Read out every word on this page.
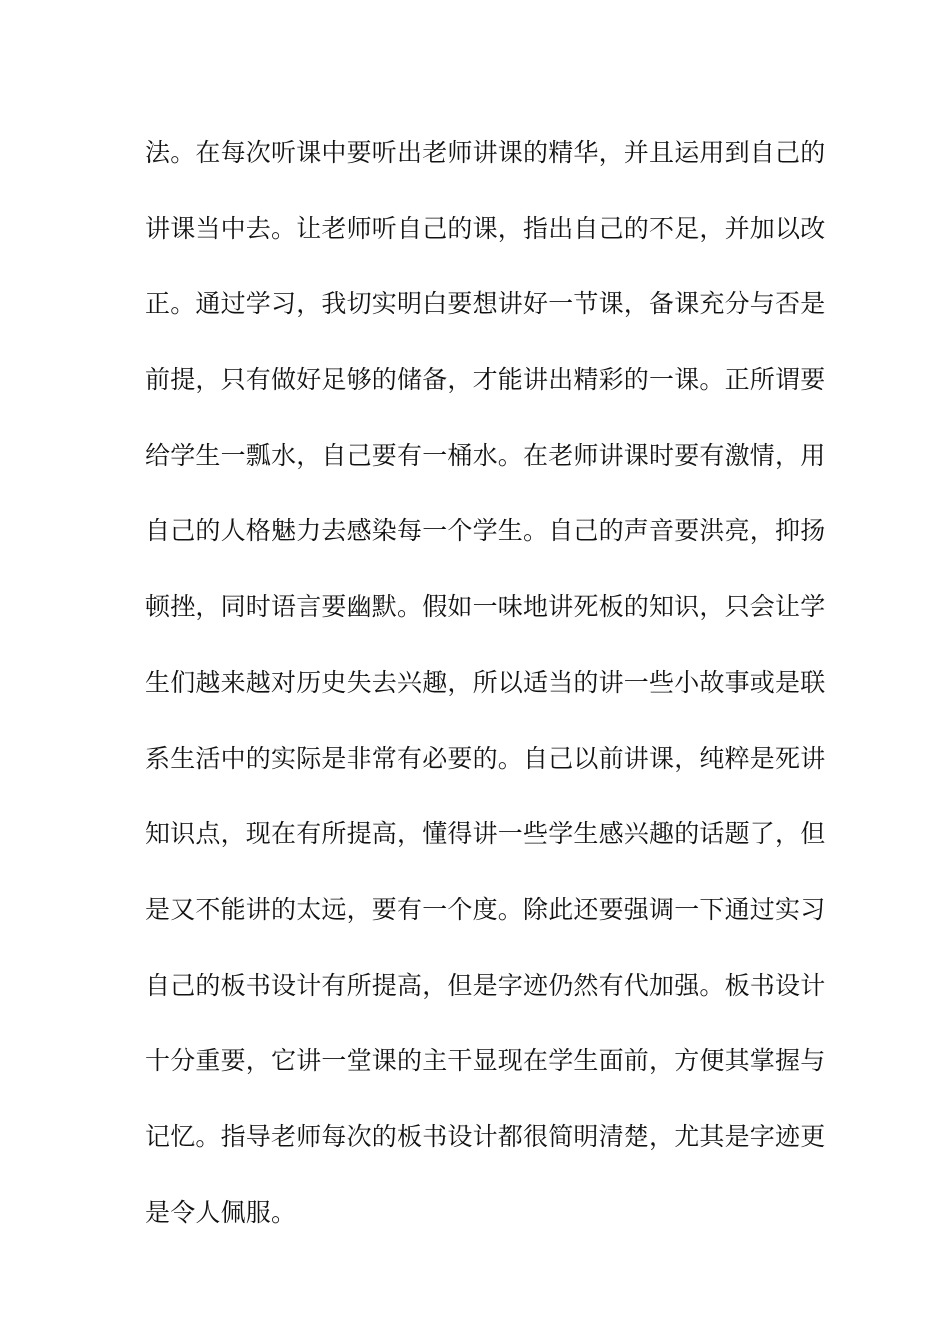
法。在每次听课中要听出老师讲课的精华，并且运用到自己的
讲课当中去。让老师听自己的课，指出自己的不足，并加以改
正。通过学习，我切实明白要想讲好一节课，备课充分与否是
前提，只有做好足够的储备，才能讲出精彩的一课。正所谓要
给学生一瓢水，自己要有一桶水。在老师讲课时要有激情，用
自己的人格魅力去感染每一个学生。自己的声音要洪亮，抑扬
顿挫，同时语言要幽默。假如一味地讲死板的知识，只会让学
生们越来越对历史失去兴趣，所以适当的讲一些小故事或是联
系生活中的实际是非常有必要的。自己以前讲课，纯粹是死讲
知识点，现在有所提高，懂得讲一些学生感兴趣的话题了，但
是又不能讲的太远，要有一个度。除此还要强调一下通过实习
自己的板书设计有所提高，但是字迹仍然有代加强。板书设计
十分重要，它讲一堂课的主干显现在学生面前，方便其掌握与
记忆。指导老师每次的板书设计都很简明清楚，尤其是字迹更
是令人佩服。
